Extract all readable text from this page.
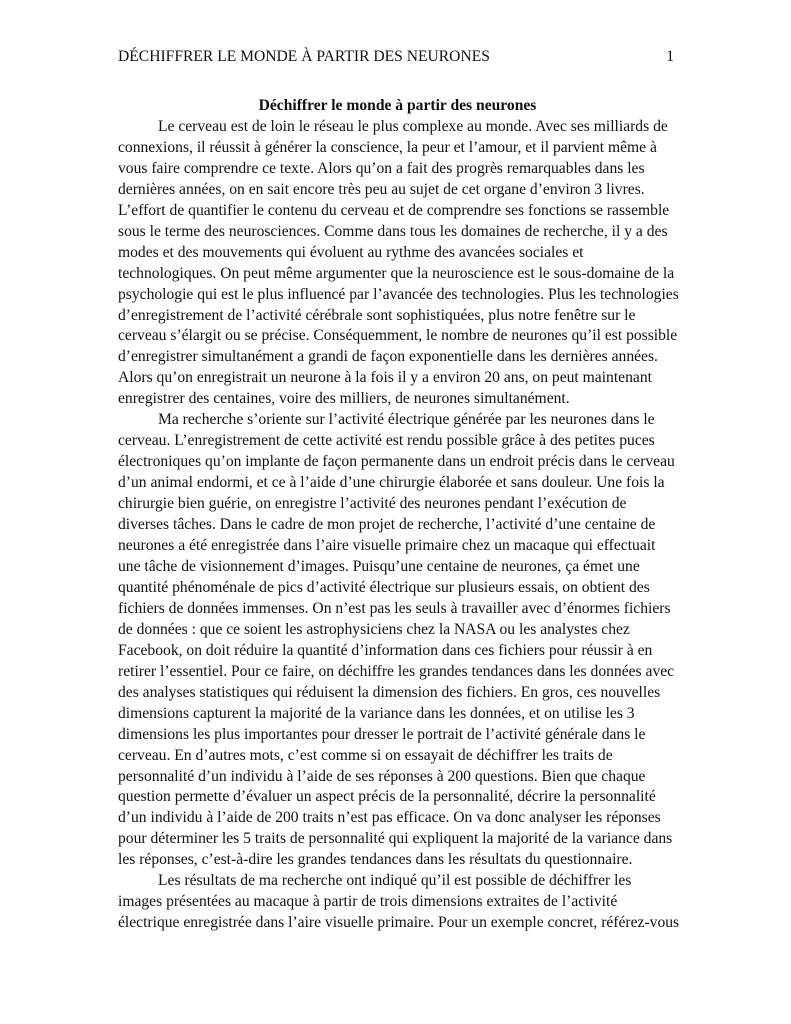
DÉCHIFFRER LE MONDE À PARTIR DES NEURONES	1

Déchiffrer le monde à partir des neurones

Le cerveau est de loin le réseau le plus complexe au monde. Avec ses milliards de
connexions, il réussit à générer la conscience, la peur et l’amour, et il parvient même à
vous faire comprendre ce texte. Alors qu’on a fait des progrès remarquables dans les
dernières années, on en sait encore très peu au sujet de cet organe d’environ 3 livres.
L’effort de quantifier le contenu du cerveau et de comprendre ses fonctions se rassemble
sous le terme des neurosciences. Comme dans tous les domaines de recherche, il y a des
modes et des mouvements qui évoluent au rythme des avancées sociales et
technologiques. On peut même argumenter que la neuroscience est le sous-domaine de la
psychologie qui est le plus influencé par l’avancée des technologies. Plus les technologies
d’enregistrement de l’activité cérébrale sont sophistiquées, plus notre fenêtre sur le
cerveau s’élargit ou se précise. Conséquemment, le nombre de neurones qu’il est possible
d’enregistrer simultanément a grandi de façon exponentielle dans les dernières années.
Alors qu’on enregistrait un neurone à la fois il y a environ 20 ans, on peut maintenant
enregistrer des centaines, voire des milliers, de neurones simultanément.

Ma recherche s’oriente sur l’activité électrique générée par les neurones dans le
cerveau. L’enregistrement de cette activité est rendu possible grâce à des petites puces
électroniques qu’on implante de façon permanente dans un endroit précis dans le cerveau
d’un animal endormi, et ce à l’aide d’une chirurgie élaborée et sans douleur. Une fois la
chirurgie bien guérie, on enregistre l’activité des neurones pendant l’exécution de
diverses tâches. Dans le cadre de mon projet de recherche, l’activité d’une centaine de
neurones a été enregistrée dans l’aire visuelle primaire chez un macaque qui effectuait
une tâche de visionnement d’images. Puisqu’une centaine de neurones, ça émet une
quantité phénoménale de pics d’activité électrique sur plusieurs essais, on obtient des
fichiers de données immenses. On n’est pas les seuls à travailler avec d’énormes fichiers
de données : que ce soient les astrophysiciens chez la NASA ou les analystes chez
Facebook, on doit réduire la quantité d’information dans ces fichiers pour réussir à en
retirer l’essentiel. Pour ce faire, on déchiffre les grandes tendances dans les données avec
des analyses statistiques qui réduisent la dimension des fichiers. En gros, ces nouvelles
dimensions capturent la majorité de la variance dans les données, et on utilise les 3
dimensions les plus importantes pour dresser le portrait de l’activité générale dans le
cerveau. En d’autres mots, c’est comme si on essayait de déchiffrer les traits de
personnalité d’un individu à l’aide de ses réponses à 200 questions. Bien que chaque
question permette d’évaluer un aspect précis de la personnalité, décrire la personnalité
d’un individu à l’aide de 200 traits n’est pas efficace. On va donc analyser les réponses
pour déterminer les 5 traits de personnalité qui expliquent la majorité de la variance dans
les réponses, c’est-à-dire les grandes tendances dans les résultats du questionnaire.

Les résultats de ma recherche ont indiqué qu’il est possible de déchiffrer les
images présentées au macaque à partir de trois dimensions extraites de l’activité
électrique enregistrée dans l’aire visuelle primaire. Pour un exemple concret, référez-vous
